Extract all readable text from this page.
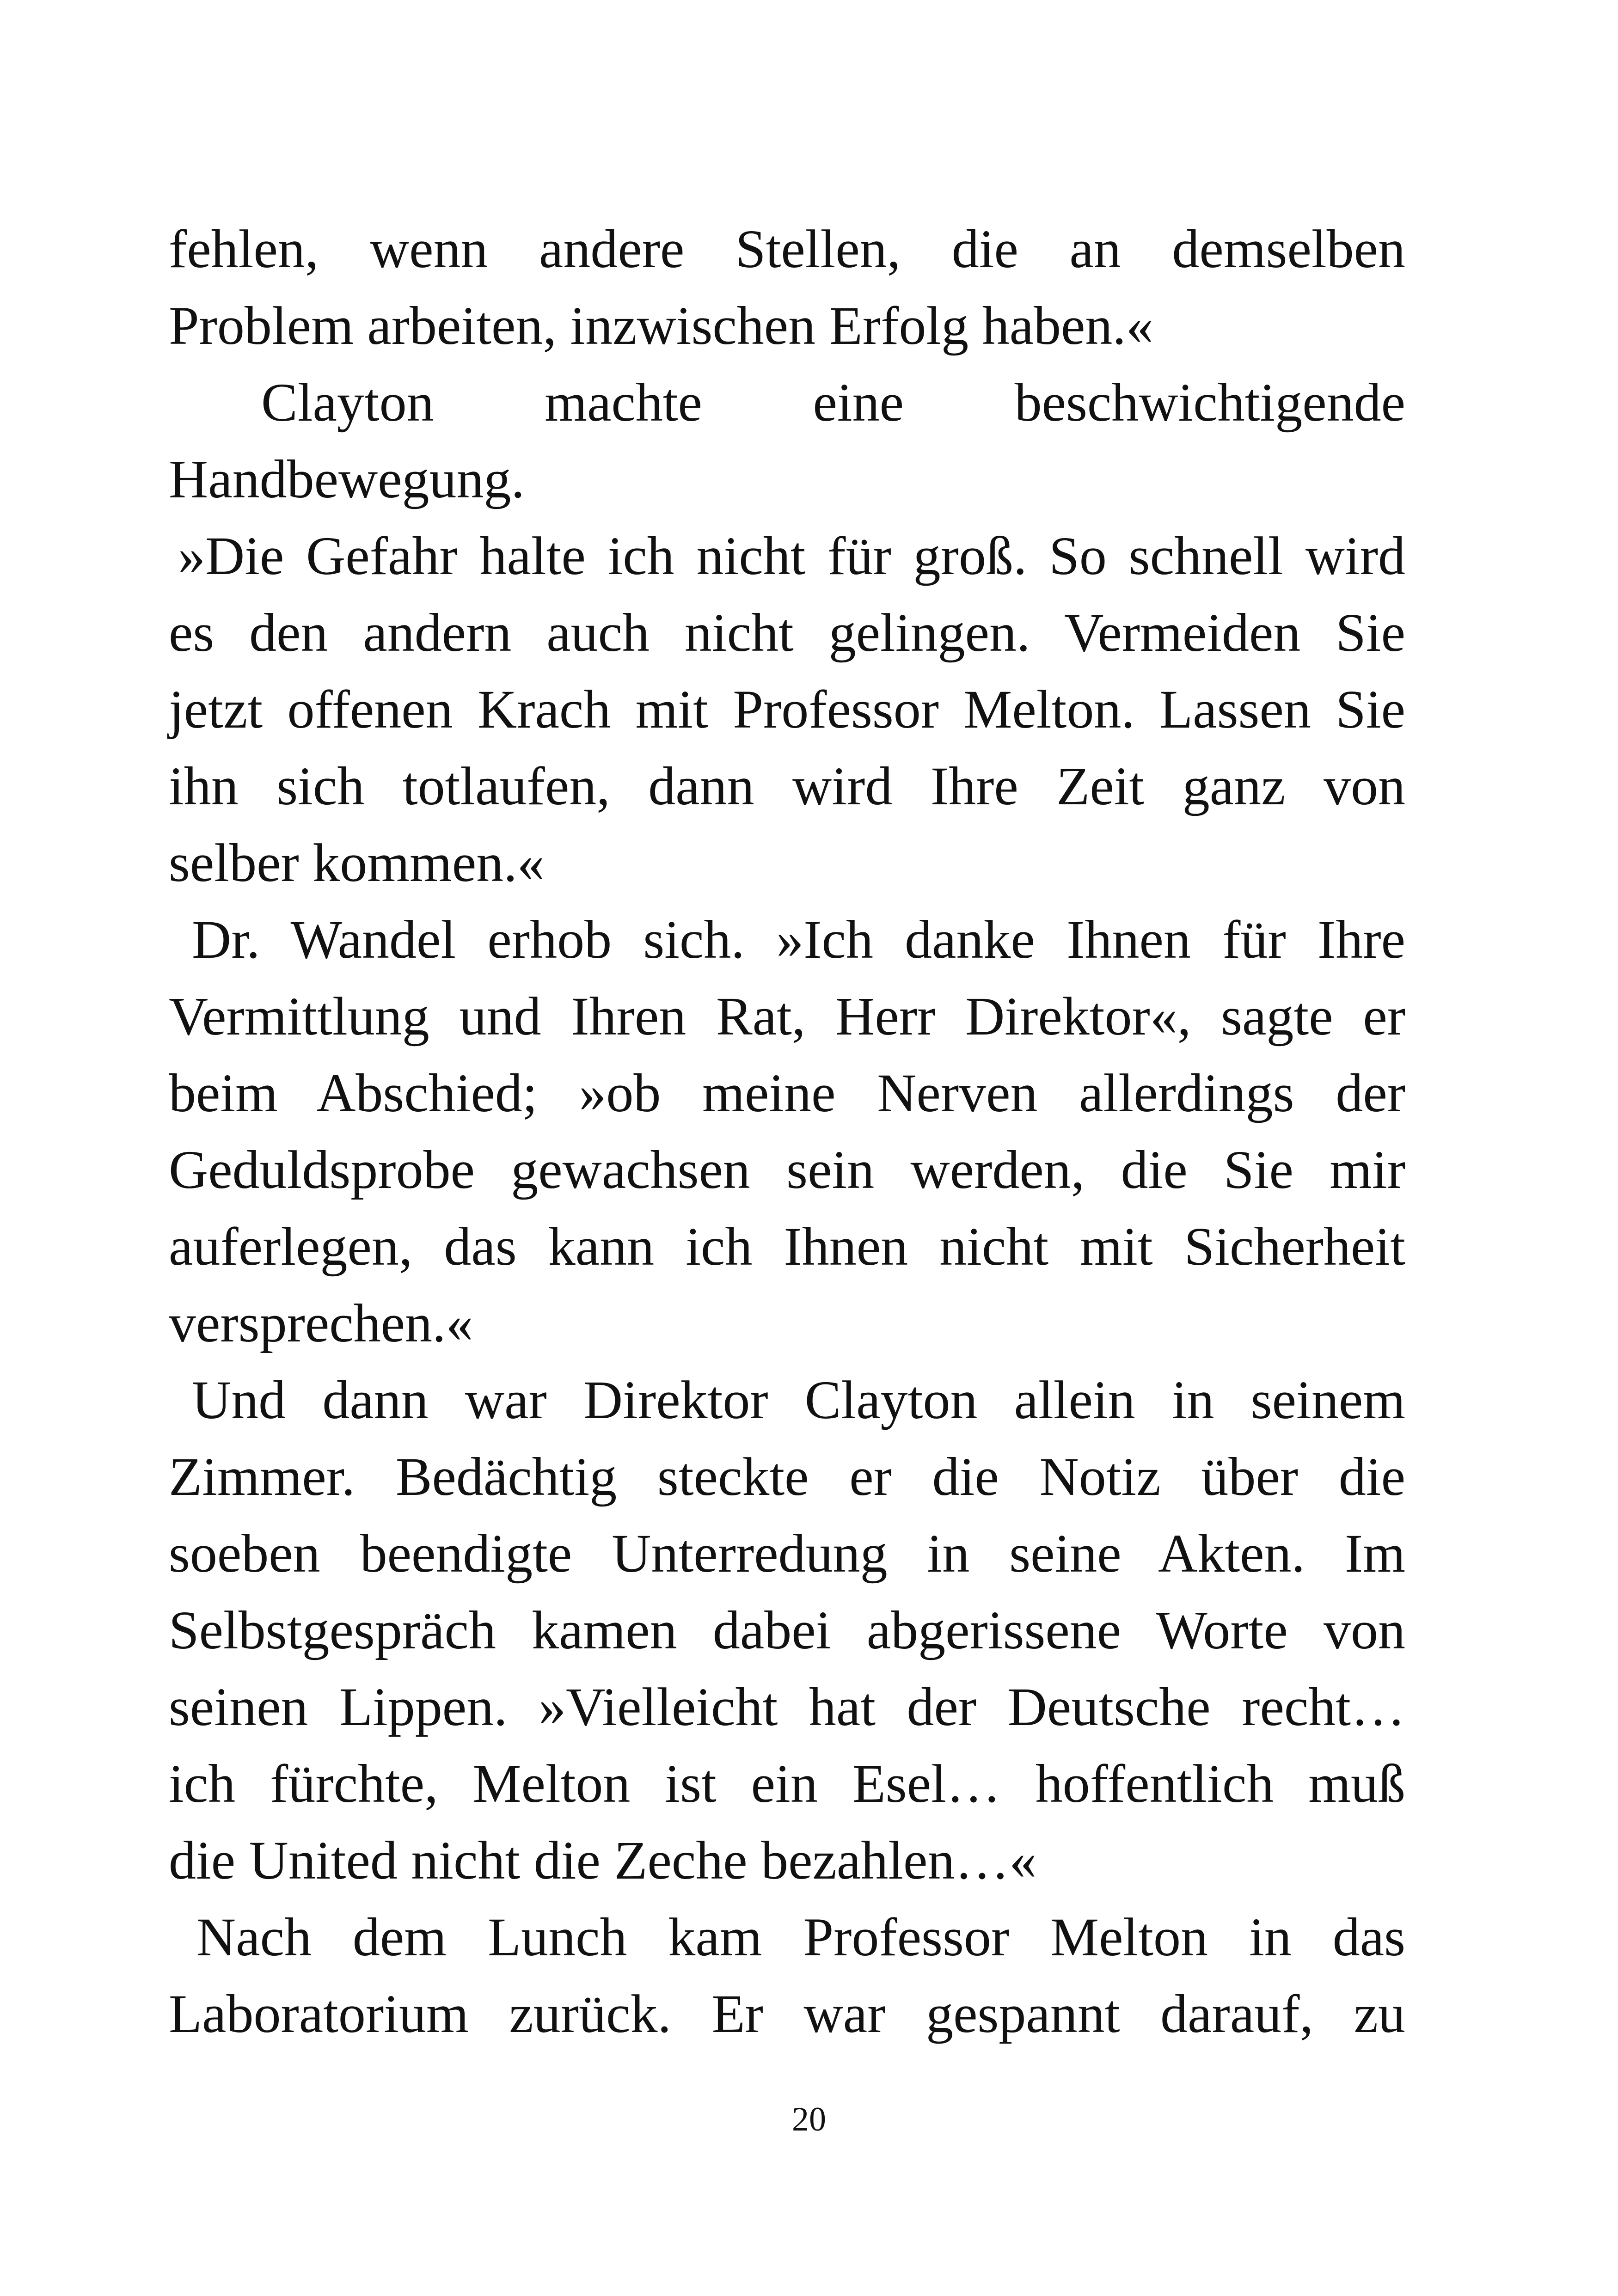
fehlen, wenn andere Stellen, die an demselben
Problem arbeiten, inzwischen Erfolg haben.«
Clayton machte eine beschwichtigende
Handbewegung.
»Die Gefahr halte ich nicht für groß. So schnell wird
es den andern auch nicht gelingen. Vermeiden Sie
jetzt offenen Krach mit Professor Melton. Lassen Sie
ihn sich totlaufen, dann wird Ihre Zeit ganz von
selber kommen.«
Dr. Wandel erhob sich. »Ich danke Ihnen für Ihre
Vermittlung und Ihren Rat, Herr Direktor«, sagte er
beim Abschied; »ob meine Nerven allerdings der
Geduldsprobe gewachsen sein werden, die Sie mir
auferlegen, das kann ich Ihnen nicht mit Sicherheit
versprechen.«
Und dann war Direktor Clayton allein in seinem
Zimmer. Bedächtig steckte er die Notiz über die
soeben beendigte Unterredung in seine Akten. Im
Selbstgespräch kamen dabei abgerissene Worte von
seinen Lippen. »Vielleicht hat der Deutsche recht…
ich fürchte, Melton ist ein Esel… hoffentlich muß
die United nicht die Zeche bezahlen…«
Nach dem Lunch kam Professor Melton in das
Laboratorium zurück. Er war gespannt darauf, zu
20
